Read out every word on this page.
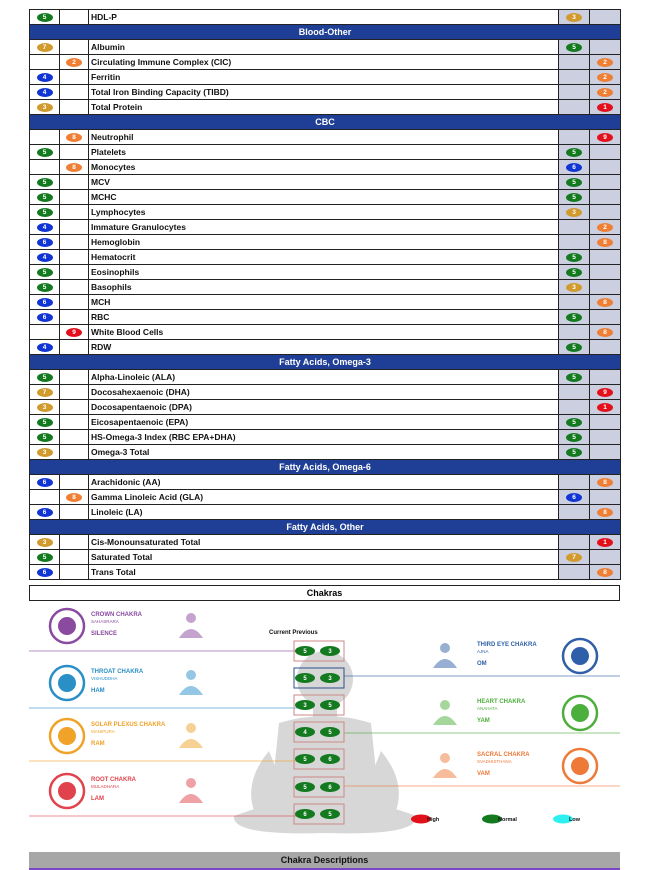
5		HDL-P	3	
Blood-Other				
7		Albumin	5	
	2	Circulating Immune Complex (CIC)		2
4		Ferritin		2
4		Total Iron Binding Capacity (TIBD)		2
3		Total Protein		1
CBC				
	8	Neutrophil		9
5		Platelets	5	
	8	Monocytes	6	
5		MCV	5	
5		MCHC	5	
5		Lymphocytes	3	
4		Immature Granulocytes		2
6		Hemoglobin		8
4		Hematocrit	5	
5		Eosinophils	5	
5		Basophils	3	
6		MCH		8
6		RBC	5	
	9	White Blood Cells		8
4		RDW	5	
Fatty Acids, Omega-3				
5		Alpha-Linoleic (ALA)	5	
7		Docosahexaenoic (DHA)		9
3		Docosapentaenoic (DPA)		1
5		Eicosapentaenoic (EPA)	5	
5		HS-Omega-3 Index (RBC EPA+DHA)	5	
3		Omega-3 Total	5	
Fatty Acids, Omega-6				
6		Arachidonic (AA)		8
	8	Gamma Linoleic Acid (GLA)	6	
6		Linoleic (LA)		8
Fatty Acids, Other				
3		Cis-Monounsaturated Total		1
5		Saturated Total	7	
6		Trans Total		8
Chakras
CROWN CHAKRA
SAHASRARA
SILENCE
THROAT CHAKRA
VISHUDDHA
HAM
SOLAR PLEXUS CHAKRA
MANIPURA
RAM
ROOT CHAKRA
MULADHARA
LAM
THIRD EYE CHAKRA
AJNA
OM
HEART CHAKRA
ANAHATA
YAM
SACRAL CHAKRA
SVADHISTHANA
VAM
Current Previous
5	3
5	3
3	5
4	5
5	6
5	6
6	5
High	Normal	Low
Chakra Descriptions
